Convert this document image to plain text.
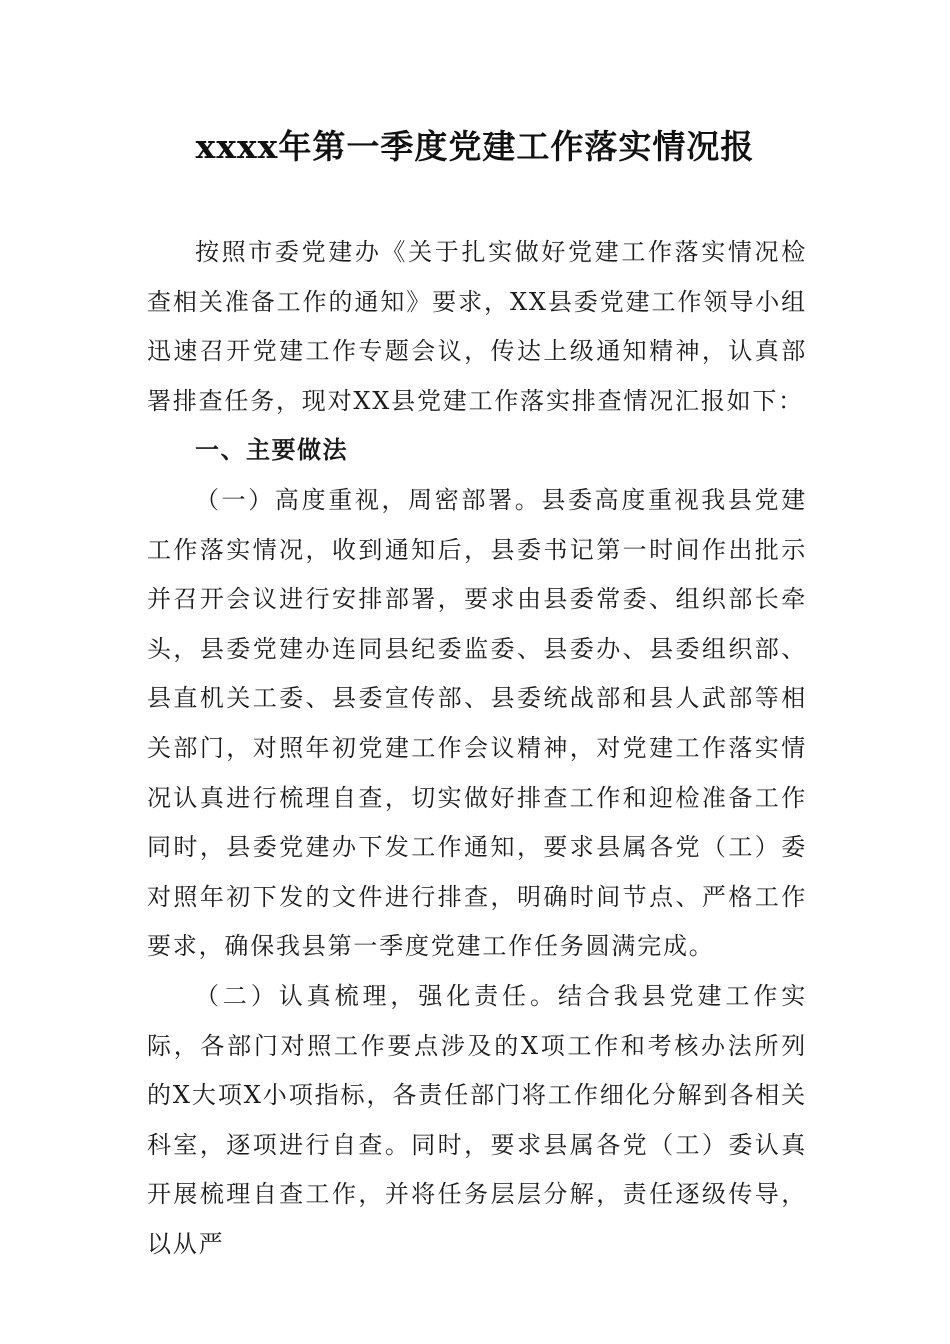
xxxx年第一季度党建工作落实情况报

按照市委党建办《关于扎实做好党建工作落实情况检查相关准备工作的通知》要求，XX县委党建工作领导小组迅速召开党建工作专题会议，传达上级通知精神，认真部署排查任务，现对XX县党建工作落实排查情况汇报如下：

一、主要做法

（一）高度重视，周密部署。县委高度重视我县党建工作落实情况，收到通知后，县委书记第一时间作出批示并召开会议进行安排部署，要求由县委常委、组织部长牵头，县委党建办连同县纪委监委、县委办、县委组织部、县直机关工委、县委宣传部、县委统战部和县人武部等相关部门，对照年初党建工作会议精神，对党建工作落实情况认真进行梳理自查，切实做好排查工作和迎检准备工作同时，县委党建办下发工作通知，要求县属各党（工）委对照年初下发的文件进行排查，明确时间节点、严格工作要求，确保我县第一季度党建工作任务圆满完成。

（二）认真梳理，强化责任。结合我县党建工作实际，各部门对照工作要点涉及的X项工作和考核办法所列的X大项X小项指标，各责任部门将工作细化分解到各相关科室，逐项进行自查。同时，要求县属各党（工）委认真开展梳理自查工作，并将任务层层分解，责任逐级传导，以从严
